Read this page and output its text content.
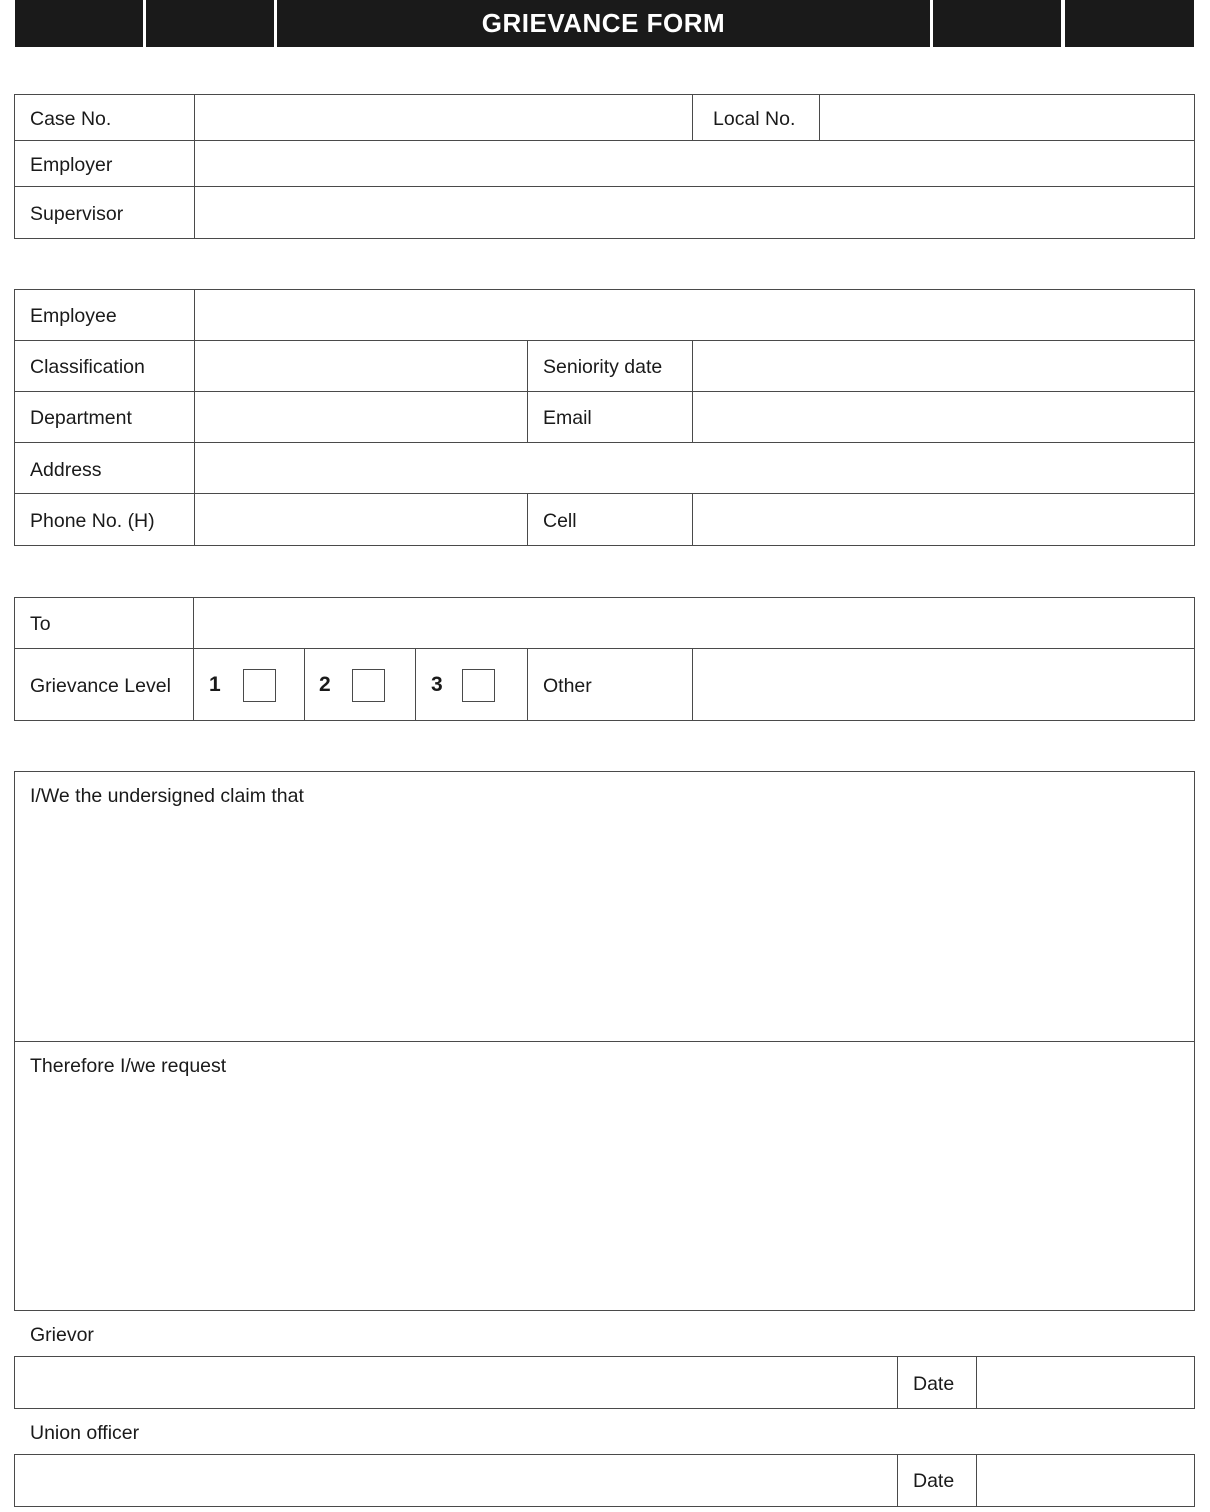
GRIEVANCE FORM
Case No.	Local No.
Employer
Supervisor
Employee
Classification	Seniority date
Department	Email
Address
Phone No. (H)	Cell
To
Grievance Level 1	2	3	Other
I/We the undersigned claim that
Therefore I/we request
Grievor
Date
Union officer
Date
